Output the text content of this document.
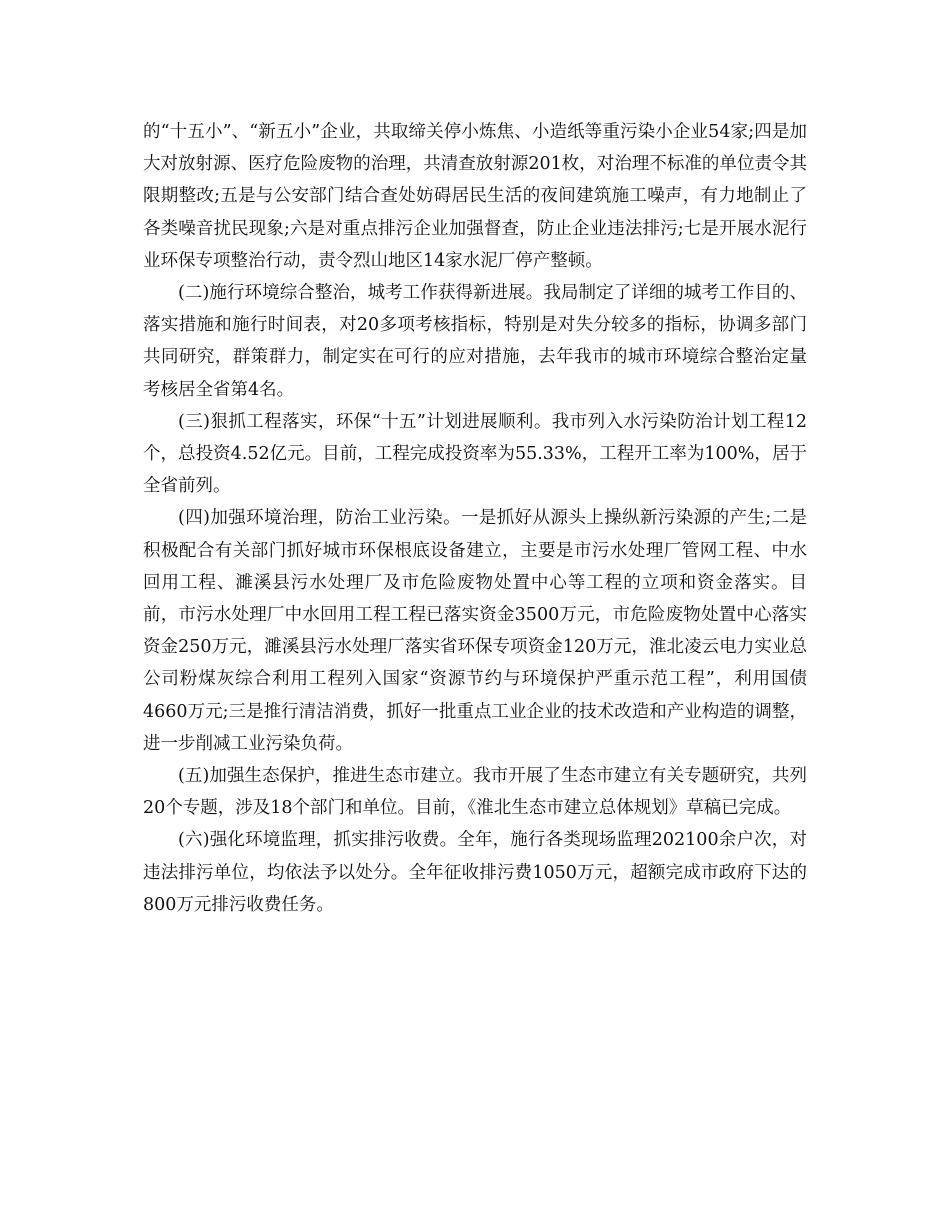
的“十五小”、“新五小”企业，共取缔关停小炼焦、小造纸等重污染小企业54家;四是加大对放射源、医疗危险废物的治理，共清查放射源201枚，对治理不标准的单位责令其限期整改;五是与公安部门结合查处妨碍居民生活的夜间建筑施工噪声，有力地制止了各类噪音扰民现象;六是对重点排污企业加强督查，防止企业违法排污;七是开展水泥行业环保专项整治行动，责令烈山地区14家水泥厂停产整顿。

(二)施行环境综合整治，城考工作获得新进展。我局制定了详细的城考工作目的、落实措施和施行时间表，对20多项考核指标，特别是对失分较多的指标，协调多部门共同研究，群策群力，制定实在可行的应对措施，去年我市的城市环境综合整治定量考核居全省第4名。

(三)狠抓工程落实，环保“十五”计划进展顺利。我市列入水污染防治计划工程12个，总投资4.52亿元。目前，工程完成投资率为55.33%，工程开工率为100%，居于全省前列。

(四)加强环境治理，防治工业污染。一是抓好从源头上操纵新污染源的产生;二是积极配合有关部门抓好城市环保根底设备建立，主要是市污水处理厂管网工程、中水回用工程、濉溪县污水处理厂及市危险废物处置中心等工程的立项和资金落实。目前，市污水处理厂中水回用工程工程已落实资金3500万元，市危险废物处置中心落实资金250万元，濉溪县污水处理厂落实省环保专项资金120万元，淮北凌云电力实业总公司粉煤灰综合利用工程列入国家“资源节约与环境保护严重示范工程”，利用国债4660万元;三是推行清洁消费，抓好一批重点工业企业的技术改造和产业构造的调整，进一步削减工业污染负荷。

(五)加强生态保护，推进生态市建立。我市开展了生态市建立有关专题研究，共列20个专题，涉及18个部门和单位。目前，《淮北生态市建立总体规划》草稿已完成。

(六)强化环境监理，抓实排污收费。全年，施行各类现场监理202100余户次，对违法排污单位，均依法予以处分。全年征收排污费1050万元，超额完成市政府下达的800万元排污收费任务。
